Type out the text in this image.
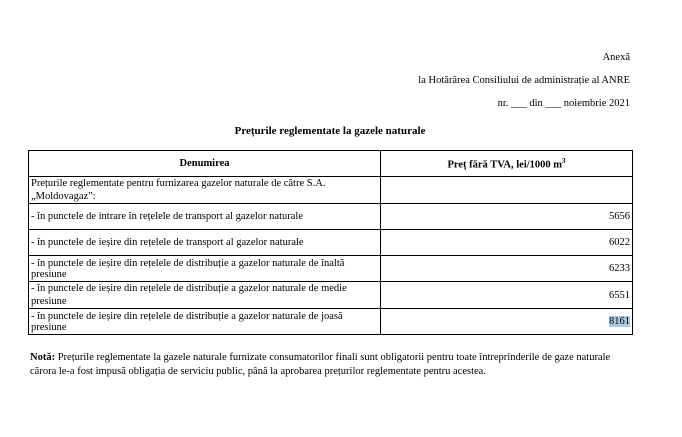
Anexă
la Hotărârea Consiliului de administrație al ANRE
nr. ___ din ___ noiembrie 2021
Prețurile reglementate la gazele naturale
Denumirea	Preț fără TVA, lei/1000 $m^3$
Prețurile reglementate pentru furnizarea gazelor naturale de către S.A. „Moldovagaz”:	
- în punctele de intrare în rețelele de transport al gazelor naturale	5656
- în punctele de ieșire din rețelele de transport al gazelor naturale	6022
- în punctele de ieșire din rețelele de distribuție a gazelor naturale de înaltă presiune	6233
- în punctele de ieșire din rețelele de distribuție a gazelor naturale de medie presiune	6551
- în punctele de ieșire din rețelele de distribuție a gazelor naturale de joasă presiune	8161
Notă: Prețurile reglementate la gazele naturale furnizate consumatorilor finali sunt obligatorii pentru toate întreprinderile de gaze naturale cărora le-a fost impusă obligația de serviciu public, până la aprobarea prețurilor reglementate pentru acestea.
